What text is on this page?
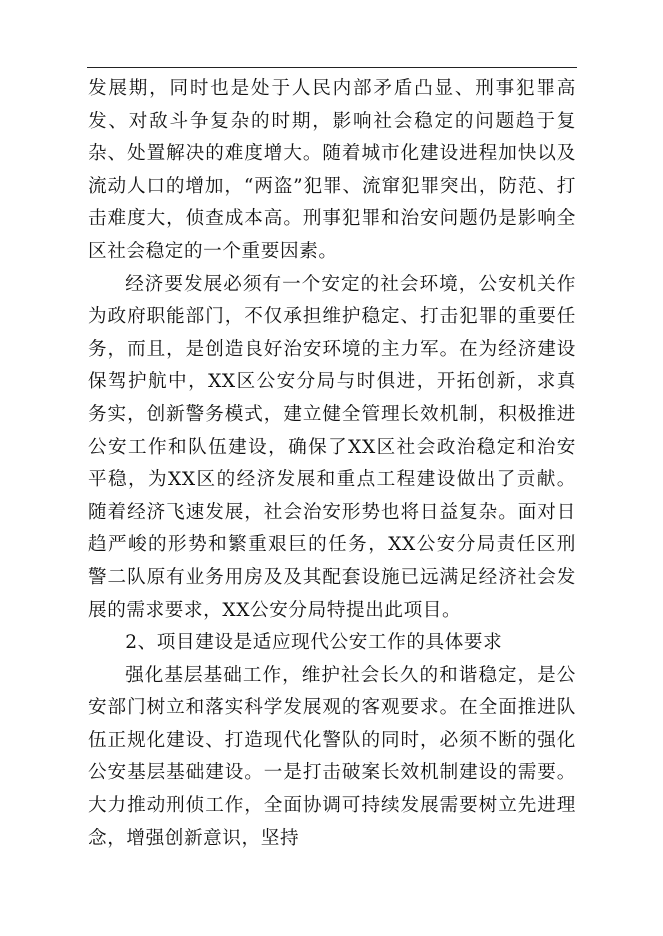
发展期，同时也是处于人民内部矛盾凸显、刑事犯罪高发、对敌斗争复杂的时期，影响社会稳定的问题趋于复杂、处置解决的难度增大。随着城市化建设进程加快以及流动人口的增加，“两盗”犯罪、流窜犯罪突出，防范、打击难度大，侦查成本高。刑事犯罪和治安问题仍是影响全区社会稳定的一个重要因素。

经济要发展必须有一个安定的社会环境，公安机关作为政府职能部门，不仅承担维护稳定、打击犯罪的重要任务，而且，是创造良好治安环境的主力军。在为经济建设保驾护航中，XX区公安分局与时俱进，开拓创新，求真务实，创新警务模式，建立健全管理长效机制，积极推进公安工作和队伍建设，确保了XX区社会政治稳定和治安平稳，为XX区的经济发展和重点工程建设做出了贡献。随着经济飞速发展，社会治安形势也将日益复杂。面对日趋严峻的形势和繁重艰巨的任务，XX公安分局责任区刑警二队原有业务用房及及其配套设施已远满足经济社会发展的需求要求，XX公安分局特提出此项目。

2、项目建设是适应现代公安工作的具体要求

强化基层基础工作，维护社会长久的和谐稳定，是公安部门树立和落实科学发展观的客观要求。在全面推进队伍正规化建设、打造现代化警队的同时，必须不断的强化公安基层基础建设。一是打击破案长效机制建设的需要。大力推动刑侦工作，全面协调可持续发展需要树立先进理念，增强创新意识，坚持
